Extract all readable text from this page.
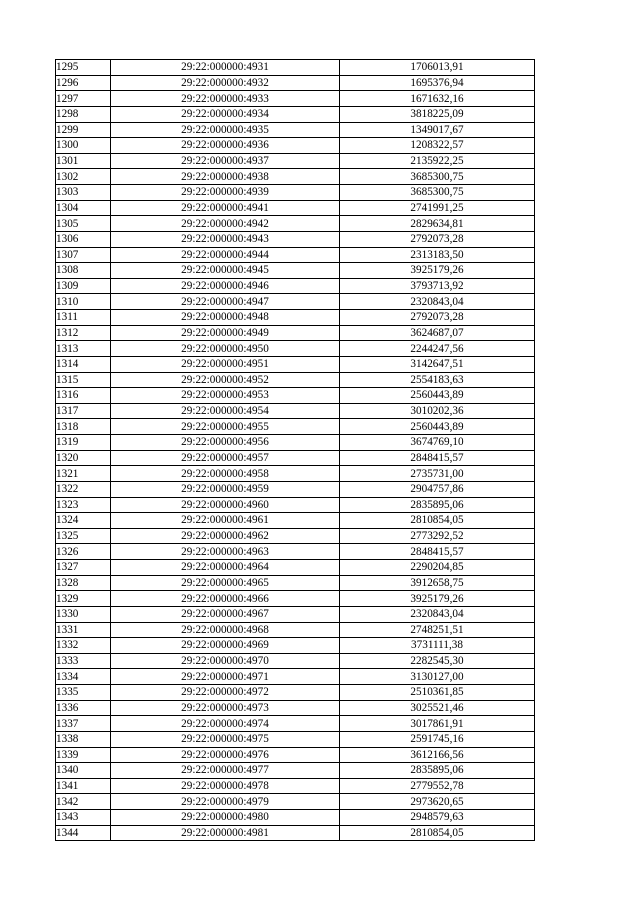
1295	29:22:000000:4931	1706013,91
1296	29:22:000000:4932	1695376,94
1297	29:22:000000:4933	1671632,16
1298	29:22:000000:4934	3818225,09
1299	29:22:000000:4935	1349017,67
1300	29:22:000000:4936	1208322,57
1301	29:22:000000:4937	2135922,25
1302	29:22:000000:4938	3685300,75
1303	29:22:000000:4939	3685300,75
1304	29:22:000000:4941	2741991,25
1305	29:22:000000:4942	2829634,81
1306	29:22:000000:4943	2792073,28
1307	29:22:000000:4944	2313183,50
1308	29:22:000000:4945	3925179,26
1309	29:22:000000:4946	3793713,92
1310	29:22:000000:4947	2320843,04
1311	29:22:000000:4948	2792073,28
1312	29:22:000000:4949	3624687,07
1313	29:22:000000:4950	2244247,56
1314	29:22:000000:4951	3142647,51
1315	29:22:000000:4952	2554183,63
1316	29:22:000000:4953	2560443,89
1317	29:22:000000:4954	3010202,36
1318	29:22:000000:4955	2560443,89
1319	29:22:000000:4956	3674769,10
1320	29:22:000000:4957	2848415,57
1321	29:22:000000:4958	2735731,00
1322	29:22:000000:4959	2904757,86
1323	29:22:000000:4960	2835895,06
1324	29:22:000000:4961	2810854,05
1325	29:22:000000:4962	2773292,52
1326	29:22:000000:4963	2848415,57
1327	29:22:000000:4964	2290204,85
1328	29:22:000000:4965	3912658,75
1329	29:22:000000:4966	3925179,26
1330	29:22:000000:4967	2320843,04
1331	29:22:000000:4968	2748251,51
1332	29:22:000000:4969	3731111,38
1333	29:22:000000:4970	2282545,30
1334	29:22:000000:4971	3130127,00
1335	29:22:000000:4972	2510361,85
1336	29:22:000000:4973	3025521,46
1337	29:22:000000:4974	3017861,91
1338	29:22:000000:4975	2591745,16
1339	29:22:000000:4976	3612166,56
1340	29:22:000000:4977	2835895,06
1341	29:22:000000:4978	2779552,78
1342	29:22:000000:4979	2973620,65
1343	29:22:000000:4980	2948579,63
1344	29:22:000000:4981	2810854,05
